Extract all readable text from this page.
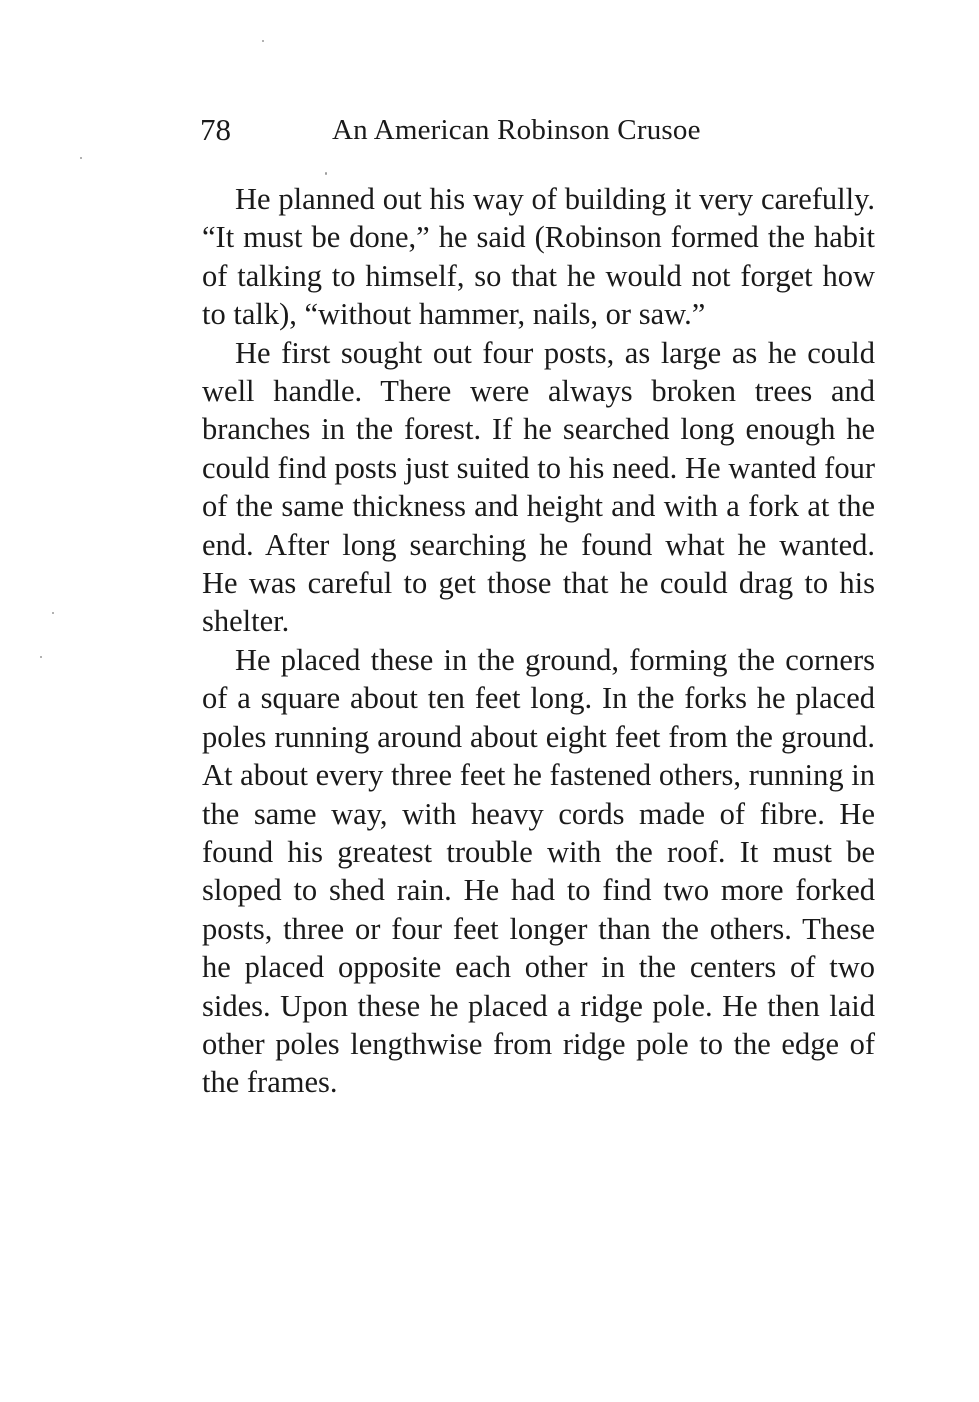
78	An American Robinson Crusoe

He planned out his way of building it very carefully. “It must be done,” he said (Robinson formed the habit of talking to himself, so that he would not forget how to talk), “without hammer, nails, or saw.”

He first sought out four posts, as large as he could well handle. There were always broken trees and branches in the forest. If he searched long enough he could find posts just suited to his need. He wanted four of the same thickness and height and with a fork at the end. After long searching he found what he wanted. He was careful to get those that he could drag to his shelter.

He placed these in the ground, forming the corners of a square about ten feet long. In the forks he placed poles running around about eight feet from the ground. At about every three feet he fastened others, running in the same way, with heavy cords made of fibre. He found his greatest trouble with the roof. It must be sloped to shed rain. He had to find two more forked posts, three or four feet longer than the others. These he placed opposite each other in the centers of two sides. Upon these he placed a ridge pole. He then laid other poles lengthwise from ridge pole to the edge of the frames.
